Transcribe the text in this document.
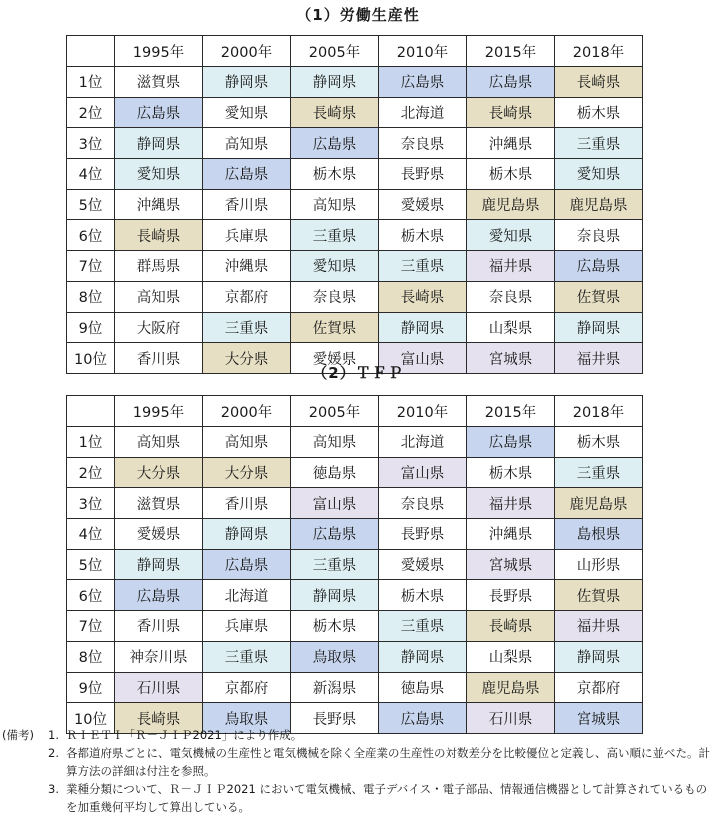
（1）労働生産性
	1995年	2000年	2005年	2010年	2015年	2018年
1位	滋賀県	静岡県	静岡県	広島県	広島県	長崎県
2位	広島県	愛知県	長崎県	北海道	長崎県	栃木県
3位	静岡県	高知県	広島県	奈良県	沖縄県	三重県
4位	愛知県	広島県	栃木県	長野県	栃木県	愛知県
5位	沖縄県	香川県	高知県	愛媛県	鹿児島県	鹿児島県
6位	長崎県	兵庫県	三重県	栃木県	愛知県	奈良県
7位	群馬県	沖縄県	愛知県	三重県	福井県	広島県
8位	高知県	京都府	奈良県	長崎県	奈良県	佐賀県
9位	大阪府	三重県	佐賀県	静岡県	山梨県	静岡県
10位	香川県	大分県	愛媛県	富山県	宮城県	福井県
（2）ＴＦＰ
	1995年	2000年	2005年	2010年	2015年	2018年
1位	高知県	高知県	高知県	北海道	広島県	栃木県
2位	大分県	大分県	徳島県	富山県	栃木県	三重県
3位	滋賀県	香川県	富山県	奈良県	福井県	鹿児島県
4位	愛媛県	静岡県	広島県	長野県	沖縄県	島根県
5位	静岡県	広島県	三重県	愛媛県	宮城県	山形県
6位	広島県	北海道	静岡県	栃木県	長野県	佐賀県
7位	香川県	兵庫県	栃木県	三重県	長崎県	福井県
8位	神奈川県	三重県	鳥取県	静岡県	山梨県	静岡県
9位	石川県	京都府	新潟県	徳島県	鹿児島県	京都府
10位	長崎県	鳥取県	長野県	広島県	石川県	宮城県
(備考) 1. ＲＩＥＴＩ「Ｒ－ＪＩＰ2021」により作成。
2. 各都道府県ごとに、電気機械の生産性と電気機械を除く全産業の生産性の対数差分を比較優位と定義し、高い順に並べた。計算方法の詳細は付注を参照。
3. 業種分類について、Ｒ－ＪＩＰ2021 において電気機械、電子デバイス・電子部品、情報通信機器として計算されているものを加重幾何平均して算出している。
